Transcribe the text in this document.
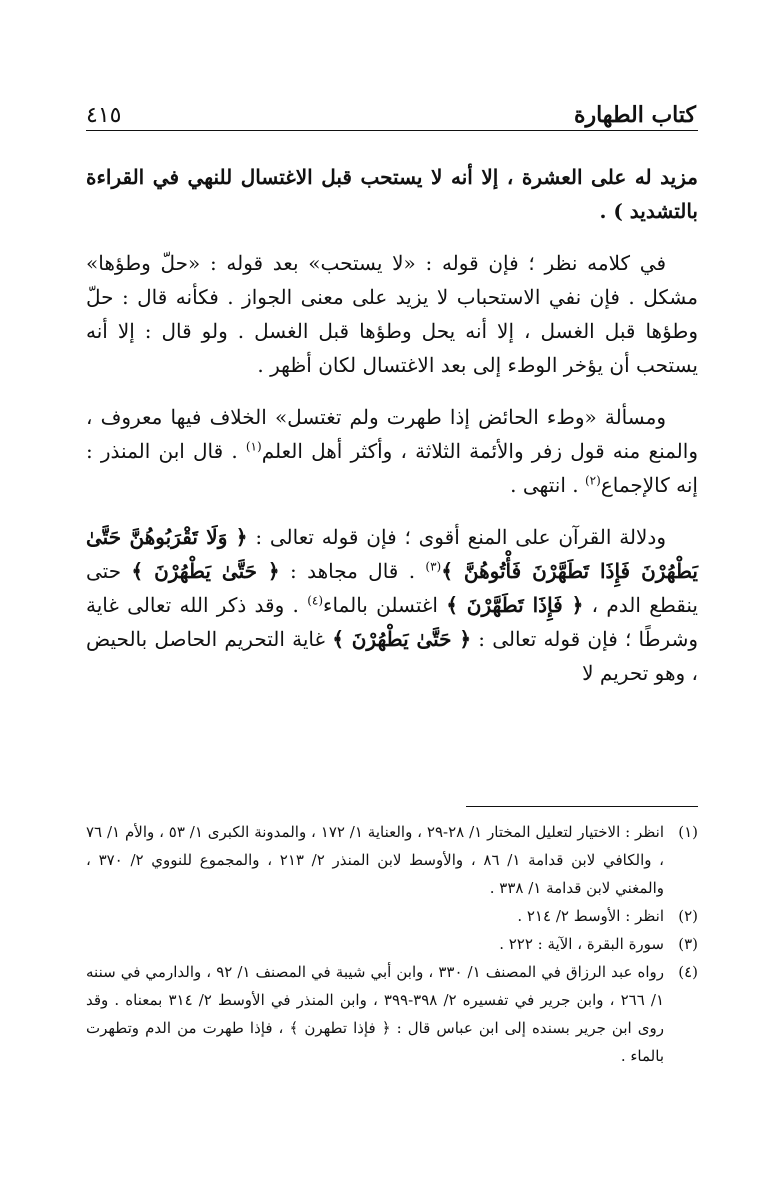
كتاب الطهارة
٤١٥

مزيد له على العشرة ، إلا أنه لا يستحب قبل الاغتسال للنهي في القراءة بالتشديد ) .

في كلامه نظر ؛ فإن قوله : «لا يستحب» بعد قوله : «حلّ وطؤها» مشكل . فإن نفي الاستحباب لا يزيد على معنى الجواز . فكأنه قال : حلّ وطؤها قبل الغسل ، إلا أنه يحل وطؤها قبل الغسل . ولو قال : إلا أنه يستحب أن يؤخر الوطء إلى بعد الاغتسال لكان أظهر .

ومسألة «وطء الحائض إذا طهرت ولم تغتسل» الخلاف فيها معروف ، والمنع منه قول زفر والأئمة الثلاثة ، وأكثر أهل العلم$^{(١)}$ . قال ابن المنذر : إنه كالإجماع$^{(٢)}$ . انتهى .

ودلالة القرآن على المنع أقوى ؛ فإن قوله تعالى : ﴿ وَلَا تَقْرَبُوهُنَّ حَتَّىٰ يَطْهُرْنَ فَإِذَا تَطَهَّرْنَ فَأْتُوهُنَّ ﴾$^{(٣)}$ . قال مجاهد : ﴿ حَتَّىٰ يَطْهُرْنَ ﴾ حتى ينقطع الدم ، ﴿ فَإِذَا تَطَهَّرْنَ ﴾ اغتسلن بالماء$^{(٤)}$ . وقد ذكر الله تعالى غاية وشرطًا ؛ فإن قوله تعالى : ﴿ حَتَّىٰ يَطْهُرْنَ ﴾ غاية التحريم الحاصل بالحيض ، وهو تحريم لا

(١)
انظر : الاختيار لتعليل المختار ١/ ٢٨-٢٩ ، والعناية ١/ ١٧٢ ، والمدونة الكبرى ١/ ٥٣ ، والأم ١/ ٧٦ ، والكافي لابن قدامة ١/ ٨٦ ، والأوسط لابن المنذر ٢/ ٢١٣ ، والمجموع للنووي ٢/ ٣٧٠ ، والمغني لابن قدامة ١/ ٣٣٨ .
(٢)
انظر : الأوسط ٢/ ٢١٤ .
(٣)
سورة البقرة ، الآية : ٢٢٢ .
(٤)
رواه عبد الرزاق في المصنف ١/ ٣٣٠ ، وابن أبي شيبة في المصنف ١/ ٩٢ ، والدارمي في سننه ١/ ٢٦٦ ، وابن جرير في تفسيره ٢/ ٣٩٨-٣٩٩ ، وابن المنذر في الأوسط ٢/ ٣١٤ بمعناه . وقد روى ابن جرير بسنده إلى ابن عباس قال : ﴿ فإذا تطهرن ﴾ ، فإذا طهرت من الدم وتطهرت بالماء .
